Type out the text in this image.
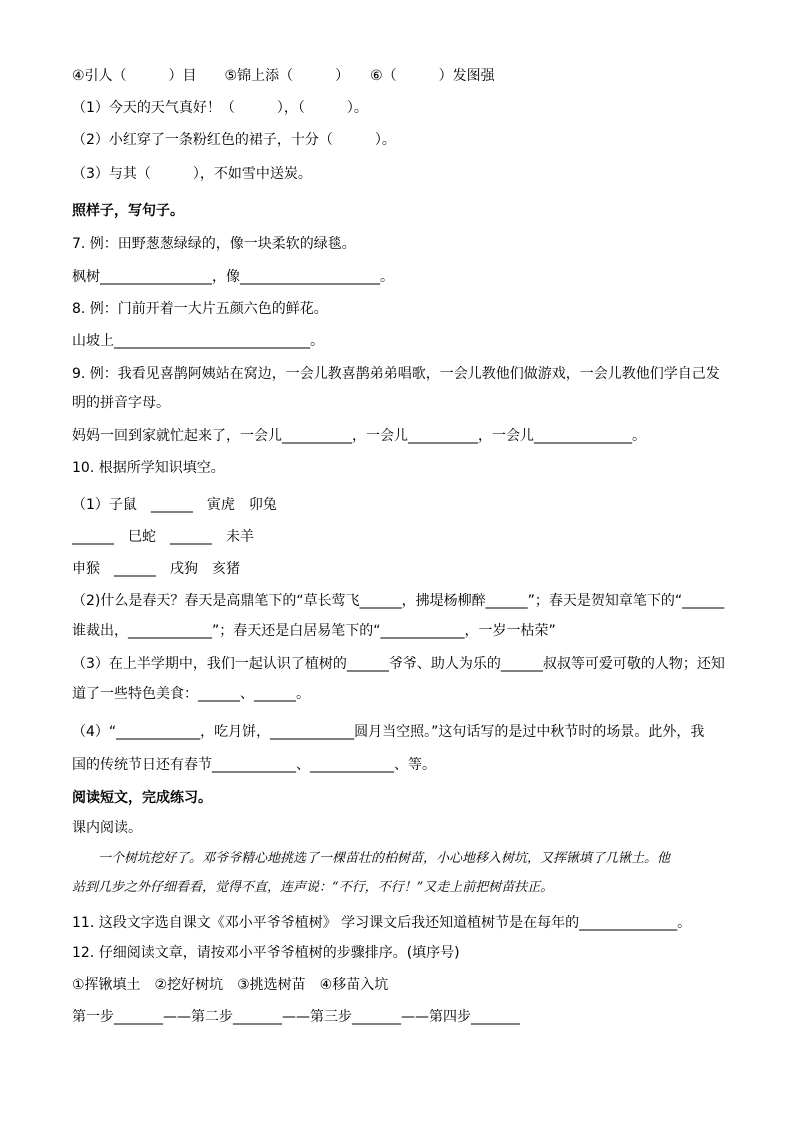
④引人（　　　）目　　⑤锦上添（　　　）　　⑥（　　　）发图强
（1）今天的天气真好！（　　　），（　　　）。
（2）小红穿了一条粉红色的裙子，十分（　　　）。
（3）与其（　　　），不如雪中送炭。
照样子，写句子。
7. 例：田野葱葱绿绿的，像一块柔软的绿毯。
枫树________________，像____________________。
8. 例：门前开着一大片五颜六色的鲜花。
山坡上____________________________。
9. 例：我看见喜鹊阿姨站在窝边，一会儿教喜鹊弟弟唱歌，一会儿教他们做游戏，一会儿教他们学自己发
明的拼音字母。
妈妈一回到家就忙起来了，一会儿__________，一会儿__________，一会儿______________。
10. 根据所学知识填空。
（1）子鼠　______　寅虎　卯兔
______　巳蛇　______　未羊
申猴　______　戌狗　亥猪
（2)什么是春天？春天是高鼎笔下的“草长莺飞______，拂堤杨柳醉______”；春天是贺知章笔下的“______
谁裁出，____________”；春天还是白居易笔下的“____________，一岁一枯荣”
（3）在上半学期中，我们一起认识了植树的______爷爷、助人为乐的______叔叔等可爱可敬的人物；还知
道了一些特色美食：______、______。
（4）“____________，吃月饼，____________圆月当空照。”这句话写的是过中秋节时的场景。此外，我
国的传统节日还有春节____________、____________、等。
阅读短文，完成练习。
课内阅读。
　　一个树坑挖好了。邓爷爷精心地挑选了一棵苗壮的柏树苗，小心地移入树坑，又挥锹填了几锹土。他
站到几步之外仔细看看，觉得不直，连声说：“不行，不行！”又走上前把树苗扶正。
11. 这段文字选自课文《邓小平爷爷植树》 学习课文后我还知道植树节是在每年的______________。
12. 仔细阅读文章，请按邓小平爷爷植树的步骤排序。(填序号)
①挥锹填土　②挖好树坑　③挑选树苗　④移苗入坑
第一步_______——第二步_______——第三步_______——第四步_______
